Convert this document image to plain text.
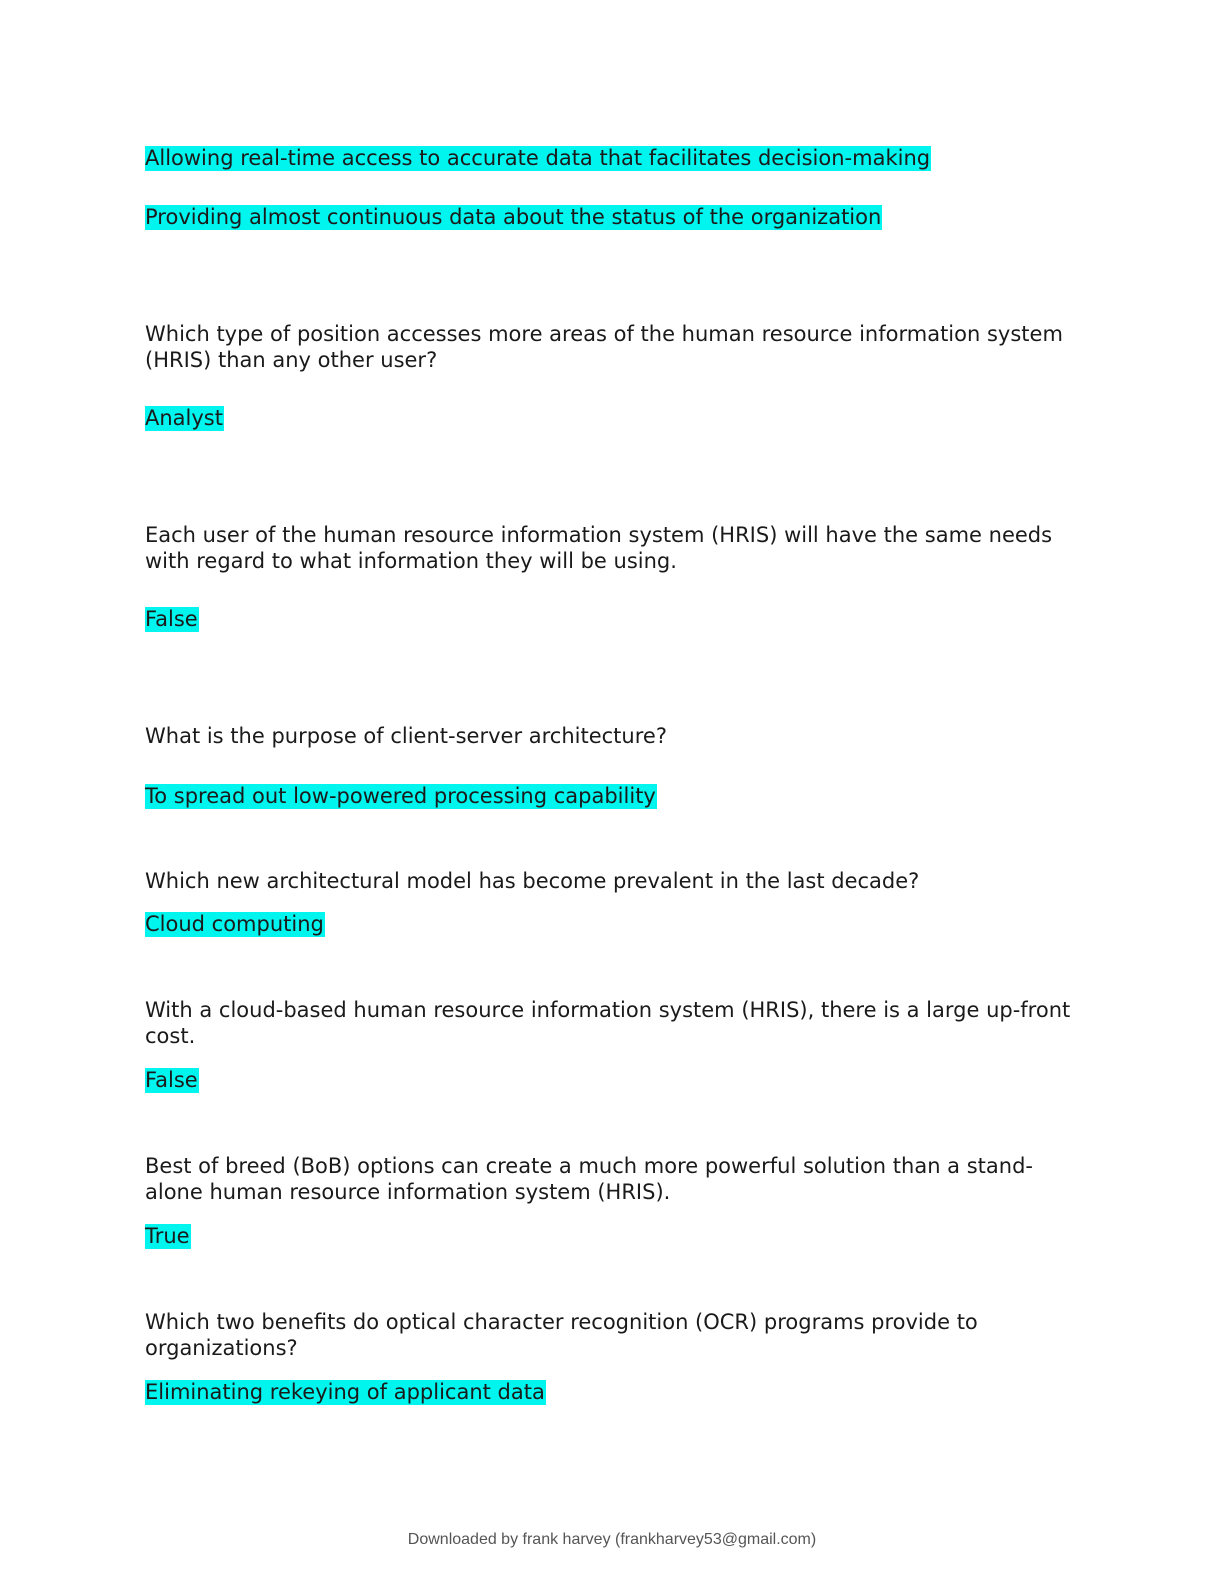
Allowing real-time access to accurate data that facilitates decision-making

Providing almost continuous data about the status of the organization

Which type of position accesses more areas of the human resource information system (HRIS) than any other user?

Analyst

Each user of the human resource information system (HRIS) will have the same needs with regard to what information they will be using.

False

What is the purpose of client-server architecture?

To spread out low-powered processing capability

Which new architectural model has become prevalent in the last decade?

Cloud computing

With a cloud-based human resource information system (HRIS), there is a large up-front cost.

False

Best of breed (BoB) options can create a much more powerful solution than a stand-alone human resource information system (HRIS).

True

Which two benefits do optical character recognition (OCR) programs provide to organizations?

Eliminating rekeying of applicant data

Downloaded by frank harvey (frankharvey53@gmail.com)
